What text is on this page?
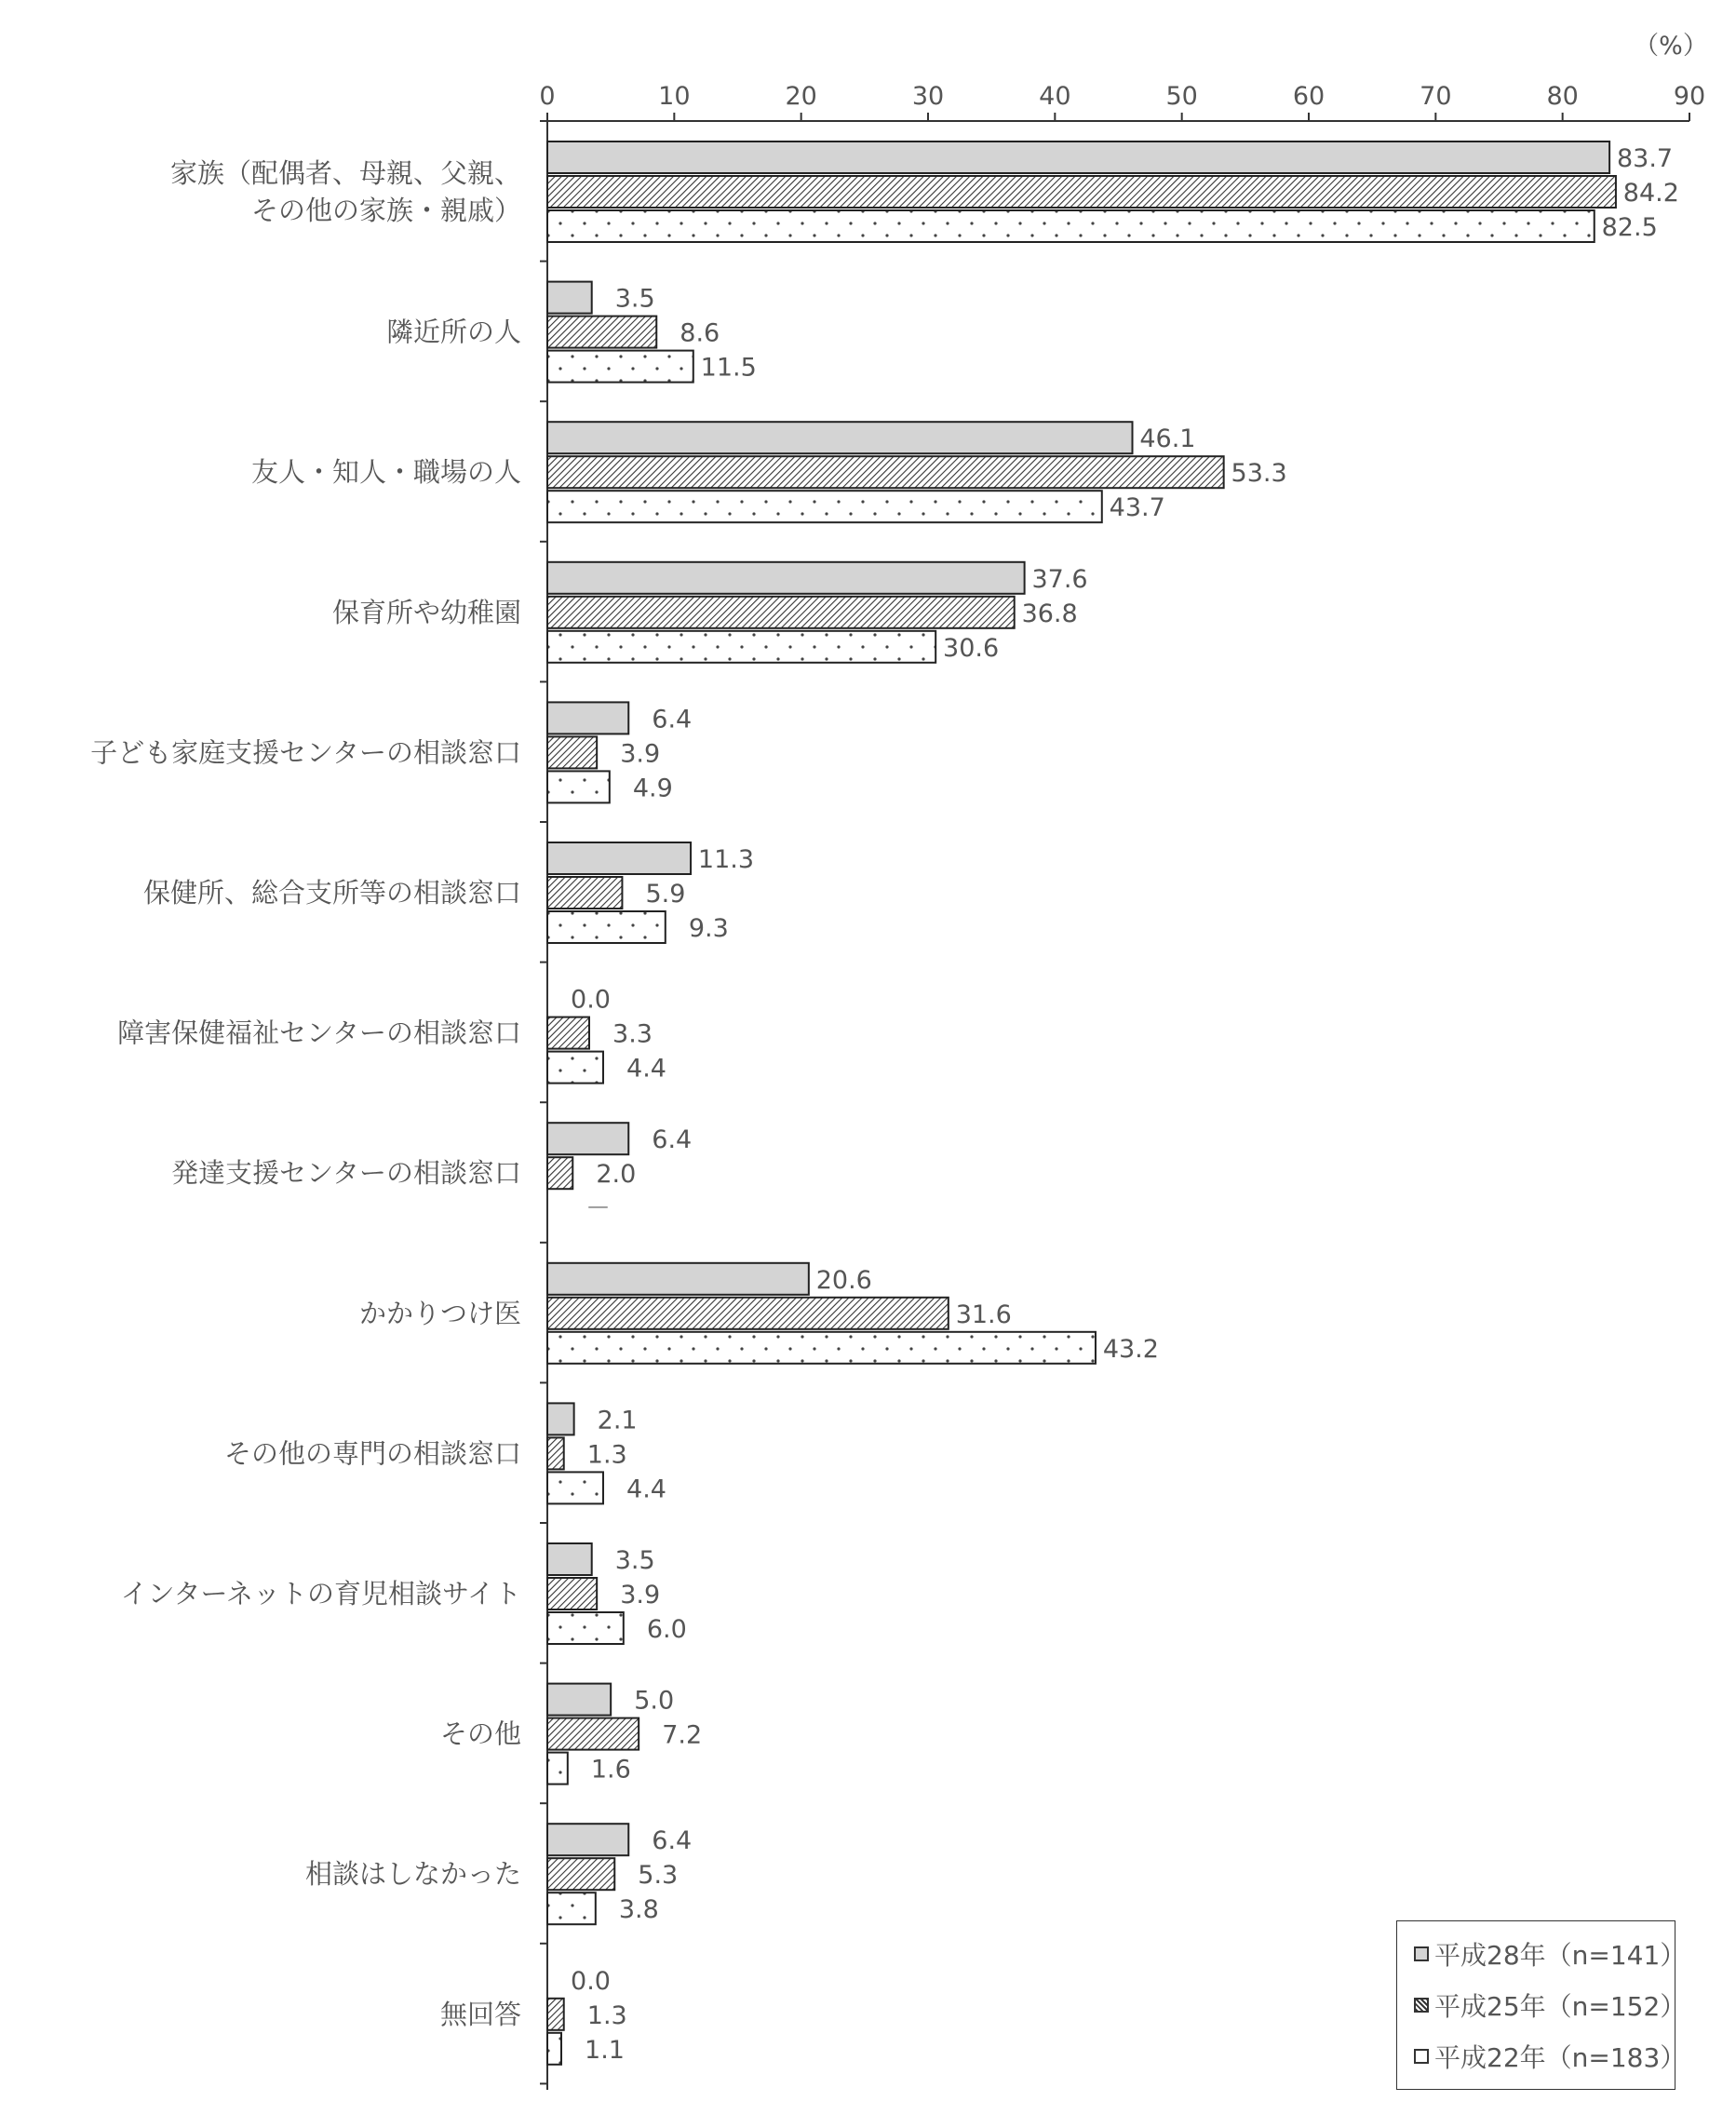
（%）
0	10	20	30	40	50	60	70	80	90
家族（配偶者、母親、父親、
その他の家族・親戚）
83.7
84.2
82.5
隣近所の人
3.5
8.6
11.5
友人・知人・職場の人
46.1
53.3
43.7
保育所や幼稚園
37.6
36.8
30.6
子ども家庭支援センターの相談窓口
6.4
3.9
4.9
保健所、総合支所等の相談窓口
11.3
5.9
9.3
障害保健福祉センターの相談窓口
0.0
3.3
4.4
発達支援センターの相談窓口
6.4
2.0
－
かかりつけ医
20.6
31.6
43.2
その他の専門の相談窓口
2.1
1.3
4.4
インターネットの育児相談サイト
3.5
3.9
6.0
その他
5.0
7.2
1.6
相談はしなかった
6.4
5.3
3.8
無回答
0.0
1.3
1.1
平成28年（n=141）
平成25年（n=152）
平成22年（n=183）
